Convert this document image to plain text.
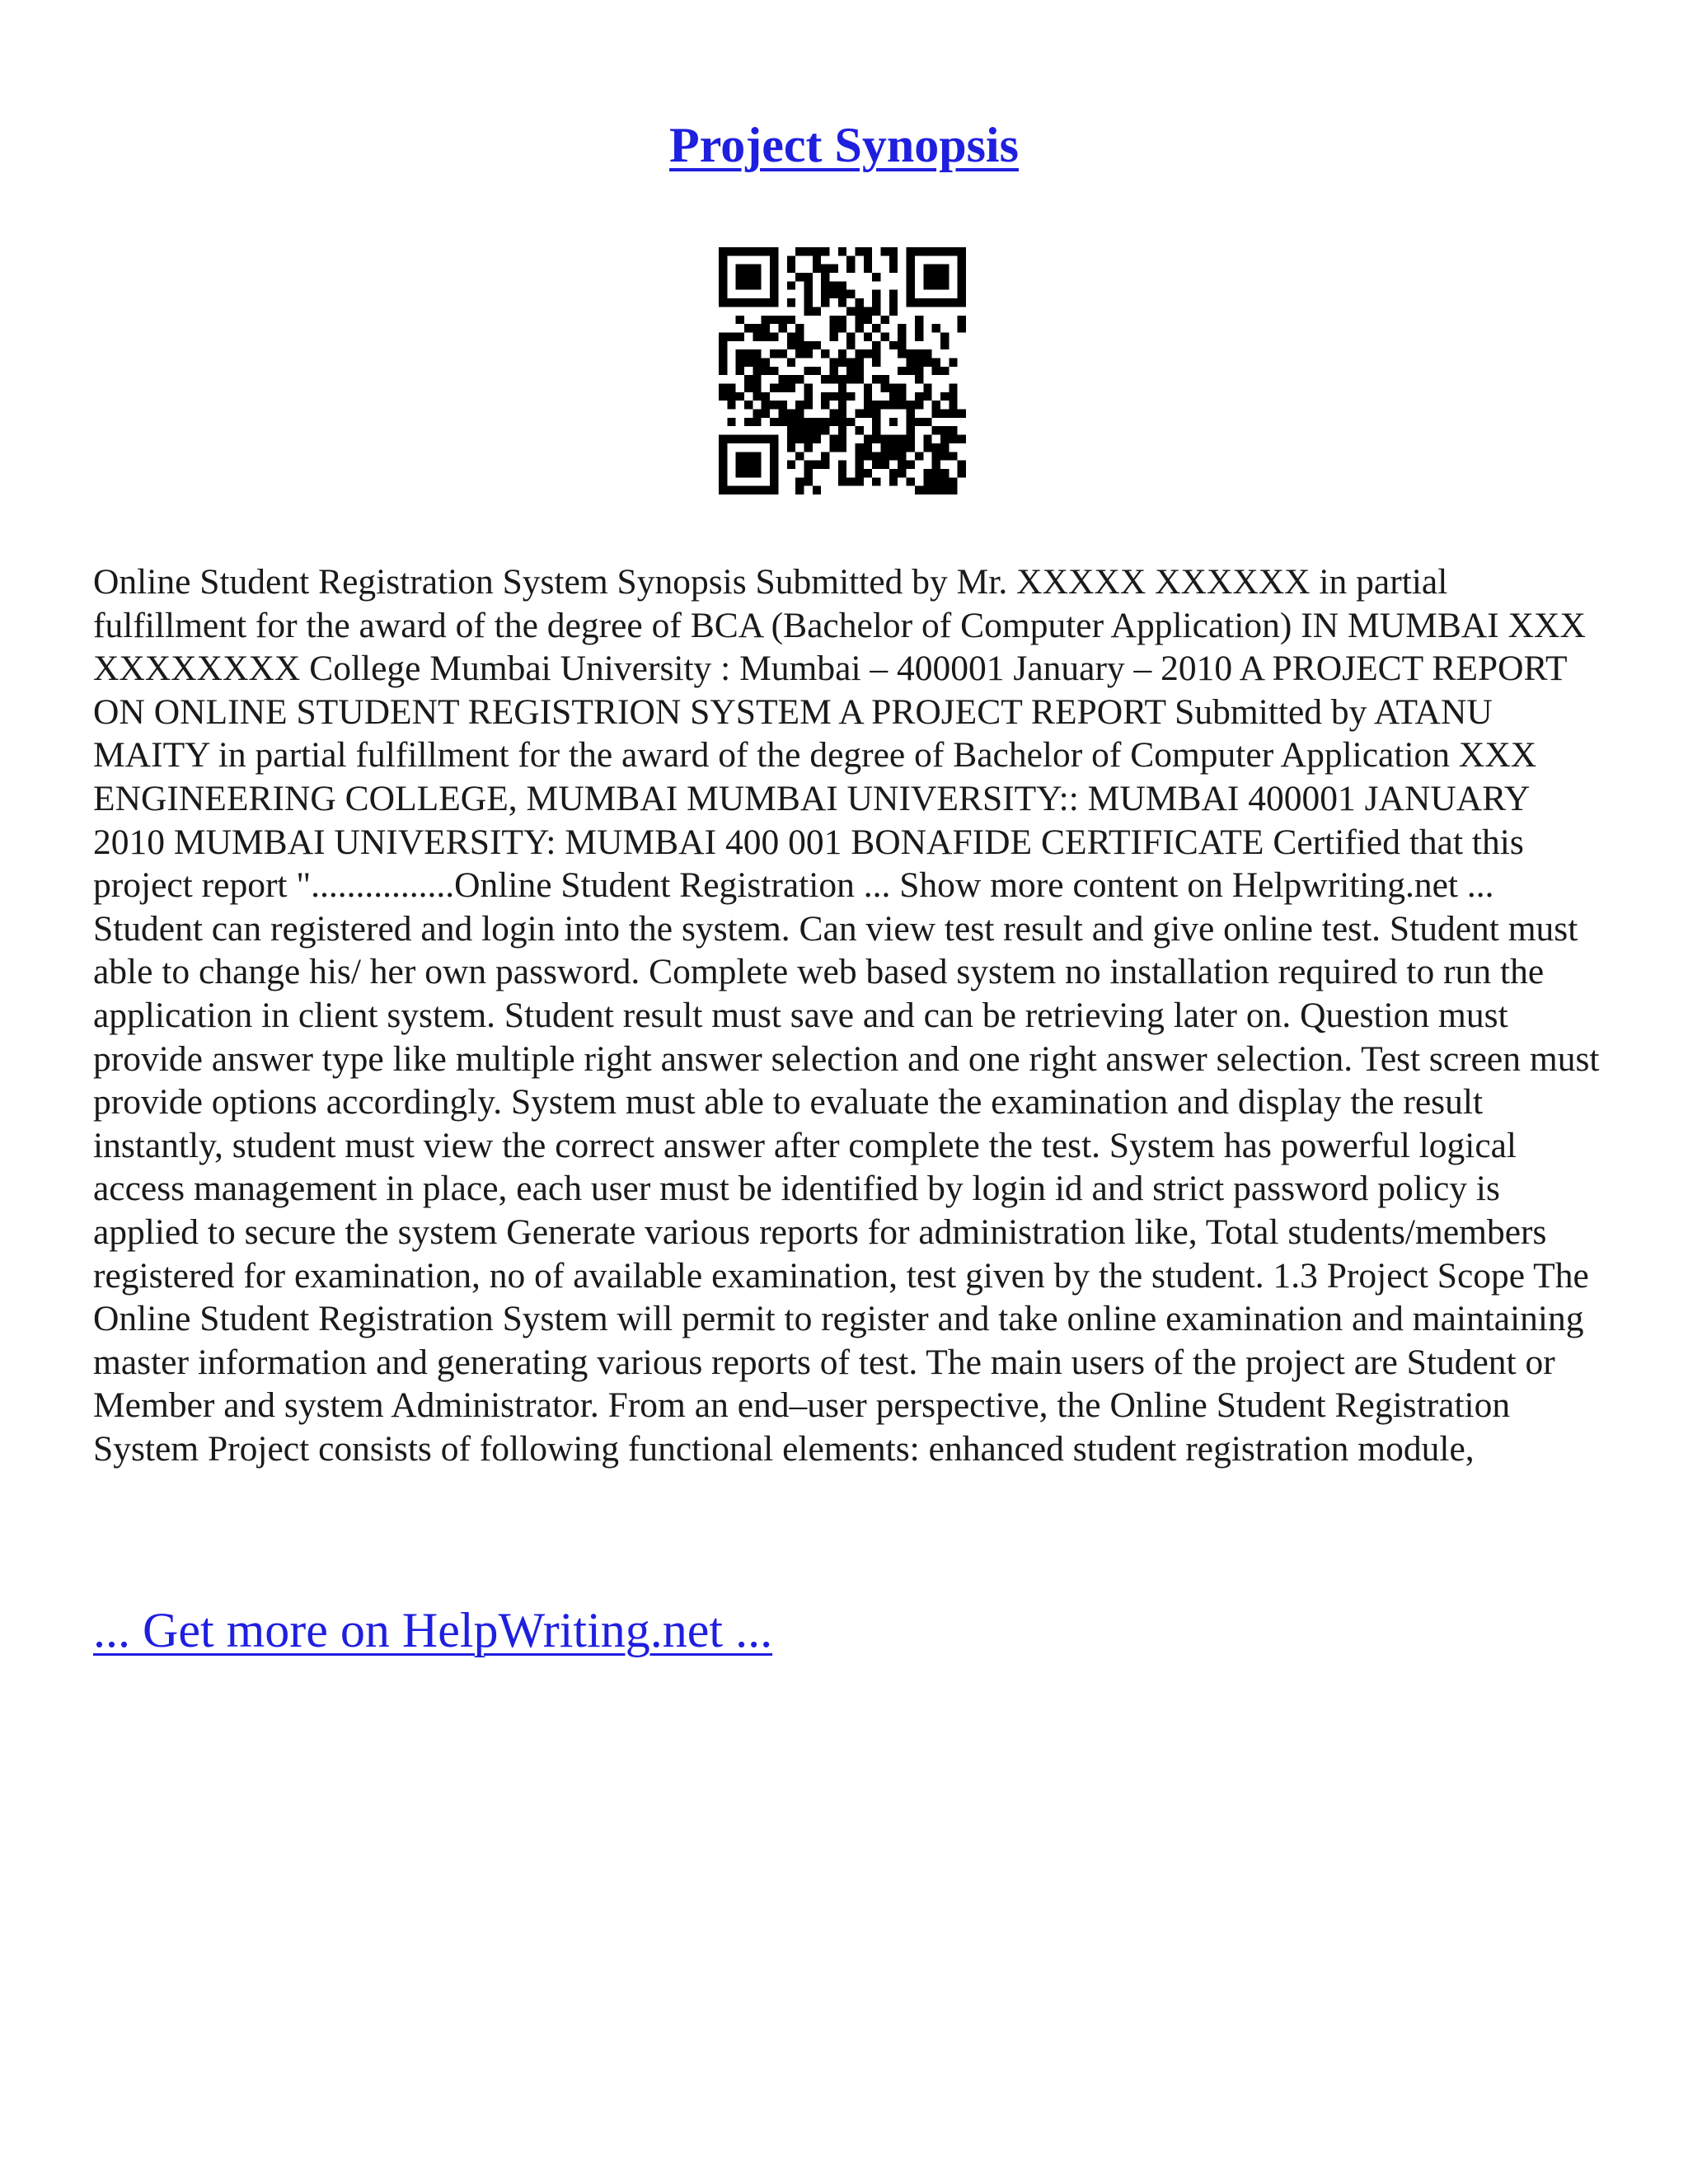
Project Synopsis

Online Student Registration System Synopsis Submitted by Mr. XXXXX XXXXXX in partial fulfillment for the award of the degree of BCA (Bachelor of Computer Application) IN MUMBAI XXX XXXXXXXX College Mumbai University : Mumbai – 400001 January – 2010 A PROJECT REPORT ON ONLINE STUDENT REGISTRION SYSTEM A PROJECT REPORT Submitted by ATANU MAITY in partial fulfillment for the award of the degree of Bachelor of Computer Application XXX ENGINEERING COLLEGE, MUMBAI MUMBAI UNIVERSITY:: MUMBAI 400001 JANUARY 2010 MUMBAI UNIVERSITY: MUMBAI 400 001 BONAFIDE CERTIFICATE Certified that this project report "................Online Student Registration ... Show more content on Helpwriting.net ...

Student can registered and login into the system. Can view test result and give online test. Student must able to change his/ her own password. Complete web based system no installation required to run the application in client system. Student result must save and can be retrieving later on. Question must provide answer type like multiple right answer selection and one right answer selection. Test screen must provide options accordingly. System must able to evaluate the examination and display the result instantly, student must view the correct answer after complete the test. System has powerful logical access management in place, each user must be identified by login id and strict password policy is applied to secure the system Generate various reports for administration like, Total students/members registered for examination, no of available examination, test given by the student. 1.3 Project Scope The Online Student Registration System will permit to register and take online examination and maintaining master information and generating various reports of test. The main users of the project are Student or Member and system Administrator. From an end–user perspective, the Online Student Registration System Project consists of following functional elements: enhanced student registration module,

... Get more on HelpWriting.net ...
